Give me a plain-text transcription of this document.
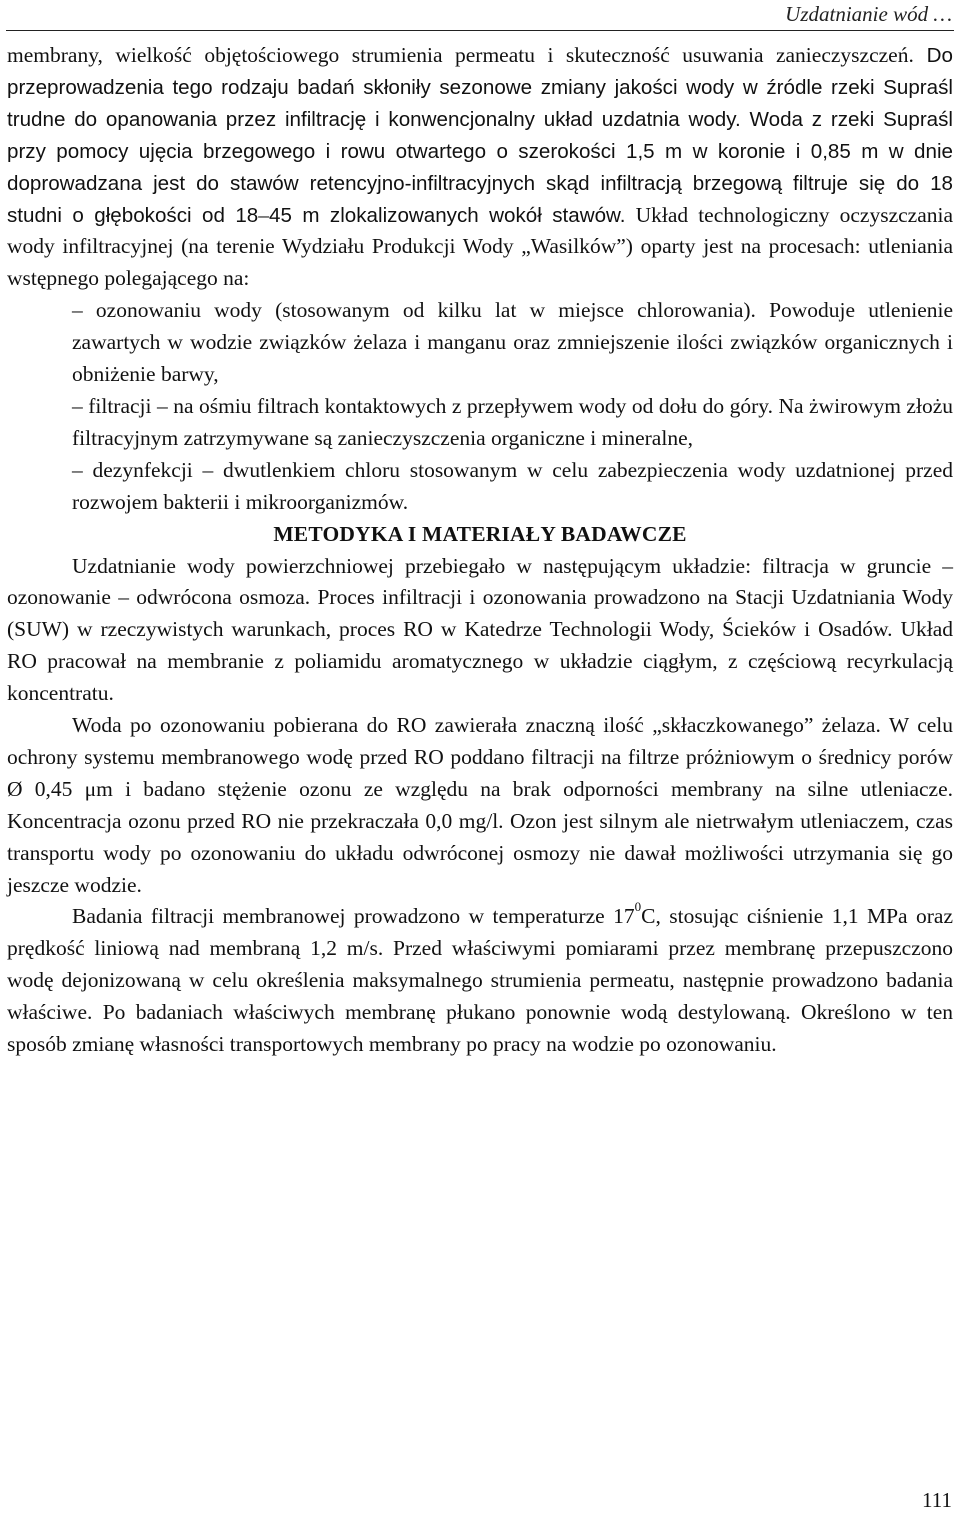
Uzdatnianie wód …

membrany, wielkość objętościowego strumienia permeatu i skuteczność usuwania zanieczyszczeń. Do przeprowadzenia tego rodzaju badań skłoniły sezonowe zmiany jakości wody w źródle rzeki Supraśl trudne do opanowania przez infiltrację i konwencjonalny układ uzdatnia wody. Woda z rzeki Supraśl przy pomocy ujęcia brzegowego i rowu otwartego o szerokości 1,5 m w koronie i 0,85 m w dnie doprowadzana jest do stawów retencyjno-infiltracyjnych skąd infiltracją brzegową filtruje się do 18 studni o głębokości od 18–45 m zlokalizowanych wokół stawów. Układ technologiczny oczyszczania wody infiltracyjnej (na terenie Wydziału Produkcji Wody „Wasilków”) oparty jest na procesach: utleniania wstępnego polegającego na:

– ozonowaniu wody (stosowanym od kilku lat w miejsce chlorowania). Powoduje utlenienie zawartych w wodzie związków żelaza i manganu oraz zmniejszenie ilości związków organicznych i obniżenie barwy,

– filtracji – na ośmiu filtrach kontaktowych z przepływem wody od dołu do góry. Na żwirowym złożu filtracyjnym zatrzymywane są zanieczyszczenia organiczne i mineralne,

– dezynfekcji – dwutlenkiem chloru stosowanym w celu zabezpieczenia wody uzdatnionej przed rozwojem bakterii i mikroorganizmów.

METODYKA I MATERIAŁY BADAWCZE

Uzdatnianie wody powierzchniowej przebiegało w następującym układzie: filtracja w gruncie – ozonowanie – odwrócona osmoza. Proces infiltracji i ozonowania prowadzono na Stacji Uzdatniania Wody (SUW) w rzeczywistych warunkach, proces RO w Katedrze Technologii Wody, Ścieków i Osadów. Układ RO pracował na membranie z poliamidu aromatycznego w układzie ciągłym, z częściową recyrkulacją koncentratu.

Woda po ozonowaniu pobierana do RO zawierała znaczną ilość „skłaczkowanego” żelaza. W celu ochrony systemu membranowego wodę przed RO poddano filtracji na filtrze próżniowym o średnicy porów Ø 0,45 μm i badano stężenie ozonu ze względu na brak odporności membrany na silne utleniacze. Koncentracja ozonu przed RO nie przekraczała 0,0 mg/l. Ozon jest silnym ale nietrwałym utleniaczem, czas transportu wody po ozonowaniu do układu odwróconej osmozy nie dawał możliwości utrzymania się go jeszcze wodzie.

Badania filtracji membranowej prowadzono w temperaturze $17^0C$, stosując ciśnienie 1,1 MPa oraz prędkość liniową nad membraną 1,2 m/s. Przed właściwymi pomiarami przez membranę przepuszczono wodę dejonizowaną w celu określenia maksymalnego strumienia permeatu, następnie prowadzono badania właściwe. Po badaniach właściwych membranę płukano ponownie wodą destylowaną. Określono w ten sposób zmianę własności transportowych membrany po pracy na wodzie po ozonowaniu.

111
